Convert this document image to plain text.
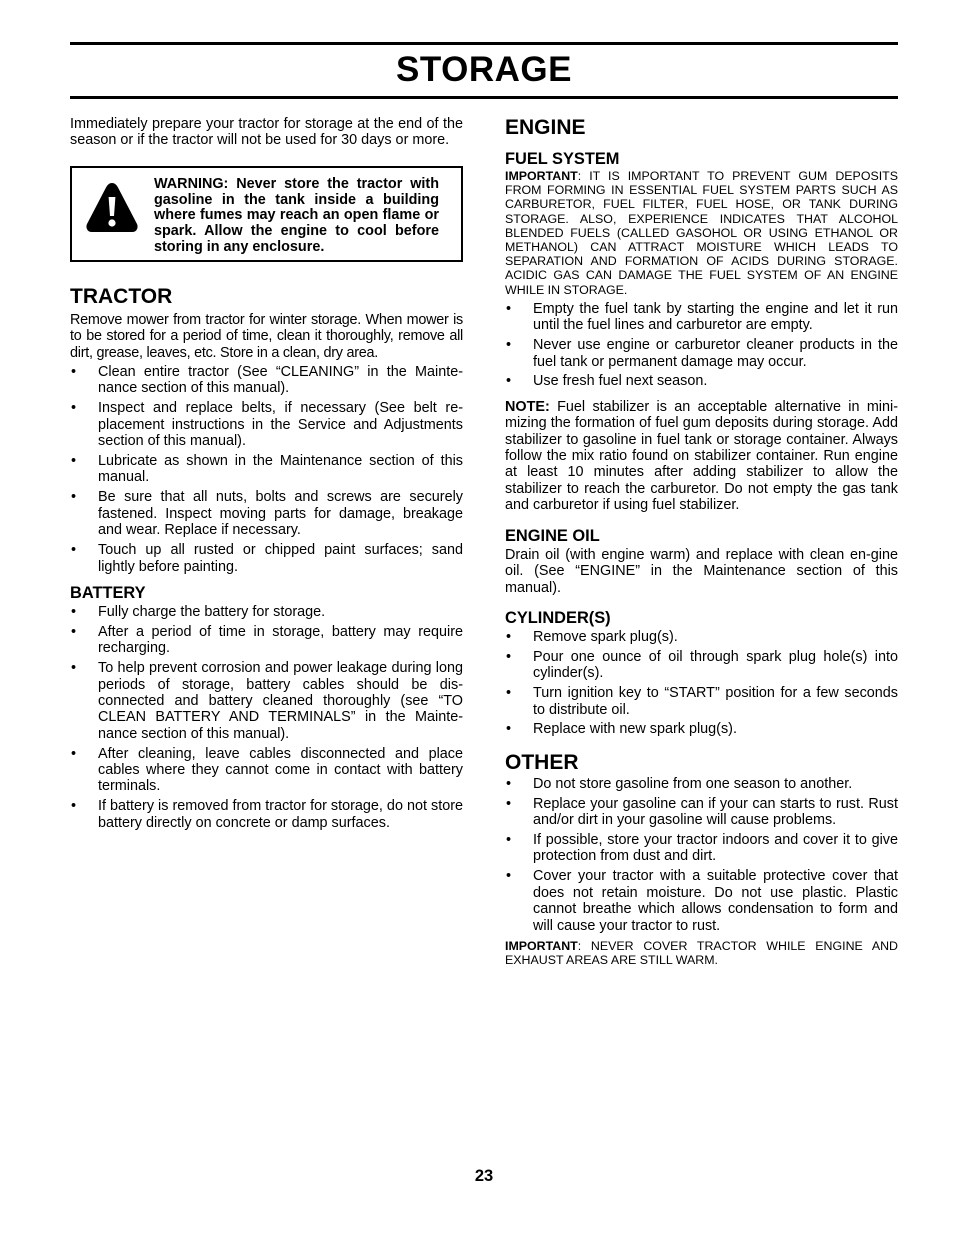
STORAGE

Immediately prepare your tractor for storage at the end of the season or if the tractor will not be used for 30 days or more.

WARNING: Never store the tractor with gasoline in the tank inside a building where fumes may reach an open flame or spark. Allow the engine to cool before storing in any enclosure.
TRACTOR

Remove mower from tractor for winter storage. When mower is to be stored for a period of time, clean it thoroughly, remove all dirt, grease, leaves, etc. Store in a clean, dry area.

• Clean entire tractor (See “CLEANING” in the Mainte-nance section of this manual).
• Inspect and replace belts, if necessary (See belt re-placement instructions in the Service and Adjustments section of this manual).
• Lubricate as shown in the Maintenance section of this manual.
• Be sure that all nuts, bolts and screws are securely fastened. Inspect moving parts for damage, breakage and wear. Replace if necessary.
• Touch up all rusted or chipped paint surfaces; sand lightly before painting.
BATTERY
• Fully charge the battery for storage.
• After a period of time in storage, battery may require recharging.
• To help prevent corrosion and power leakage during long periods of storage, battery cables should be dis-connected and battery cleaned thoroughly (see “TO CLEAN BATTERY AND TERMINALS” in the Mainte-nance section of this manual).
• After cleaning, leave cables disconnected and place cables where they cannot come in contact with battery terminals.
• If battery is removed from tractor for storage, do not store battery directly on concrete or damp surfaces.
ENGINE
FUEL SYSTEM

IMPORTANT: IT IS IMPORTANT TO PREVENT GUM DEPOSITS FROM FORMING IN ESSENTIAL FUEL SYSTEM PARTS SUCH AS CARBURETOR, FUEL FILTER, FUEL HOSE, OR TANK DURING STORAGE. ALSO, EXPERIENCE INDICATES THAT ALCOHOL BLENDED FUELS (CALLED GASOHOL OR USING ETHANOL OR METHANOL) CAN ATTRACT MOISTURE WHICH LEADS TO SEPARATION AND FORMATION OF ACIDS DURING STORAGE. ACIDIC GAS CAN DAMAGE THE FUEL SYSTEM OF AN ENGINE WHILE IN STORAGE.

• Empty the fuel tank by starting the engine and let it run until the fuel lines and carburetor are empty.
• Never use engine or carburetor cleaner products in the fuel tank or permanent damage may occur.
• Use fresh fuel next season.

NOTE: Fuel stabilizer is an acceptable alternative in mini-mizing the formation of fuel gum deposits during storage. Add stabilizer to gasoline in fuel tank or storage container. Always follow the mix ratio found on stabilizer container. Run engine at least 10 minutes after adding stabilizer to allow the stabilizer to reach the carburetor. Do not empty the gas tank and carburetor if using fuel stabilizer.

ENGINE OIL

Drain oil (with engine warm) and replace with clean en-gine oil. (See “ENGINE” in the Maintenance section of this manual).

CYLINDER(S)
• Remove spark plug(s).
• Pour one ounce of oil through spark plug hole(s) into cylinder(s).
• Turn ignition key to “START” position for a few seconds to distribute oil.
• Replace with new spark plug(s).
OTHER
• Do not store gasoline from one season to another.
• Replace your gasoline can if your can starts to rust. Rust and/or dirt in your gasoline will cause problems.
• If possible, store your tractor indoors and cover it to give protection from dust and dirt.
• Cover your tractor with a suitable protective cover that does not retain moisture. Do not use plastic. Plastic cannot breathe which allows condensation to form and will cause your tractor to rust.

IMPORTANT: NEVER COVER TRACTOR WHILE ENGINE AND EXHAUST AREAS ARE STILL WARM.

23
